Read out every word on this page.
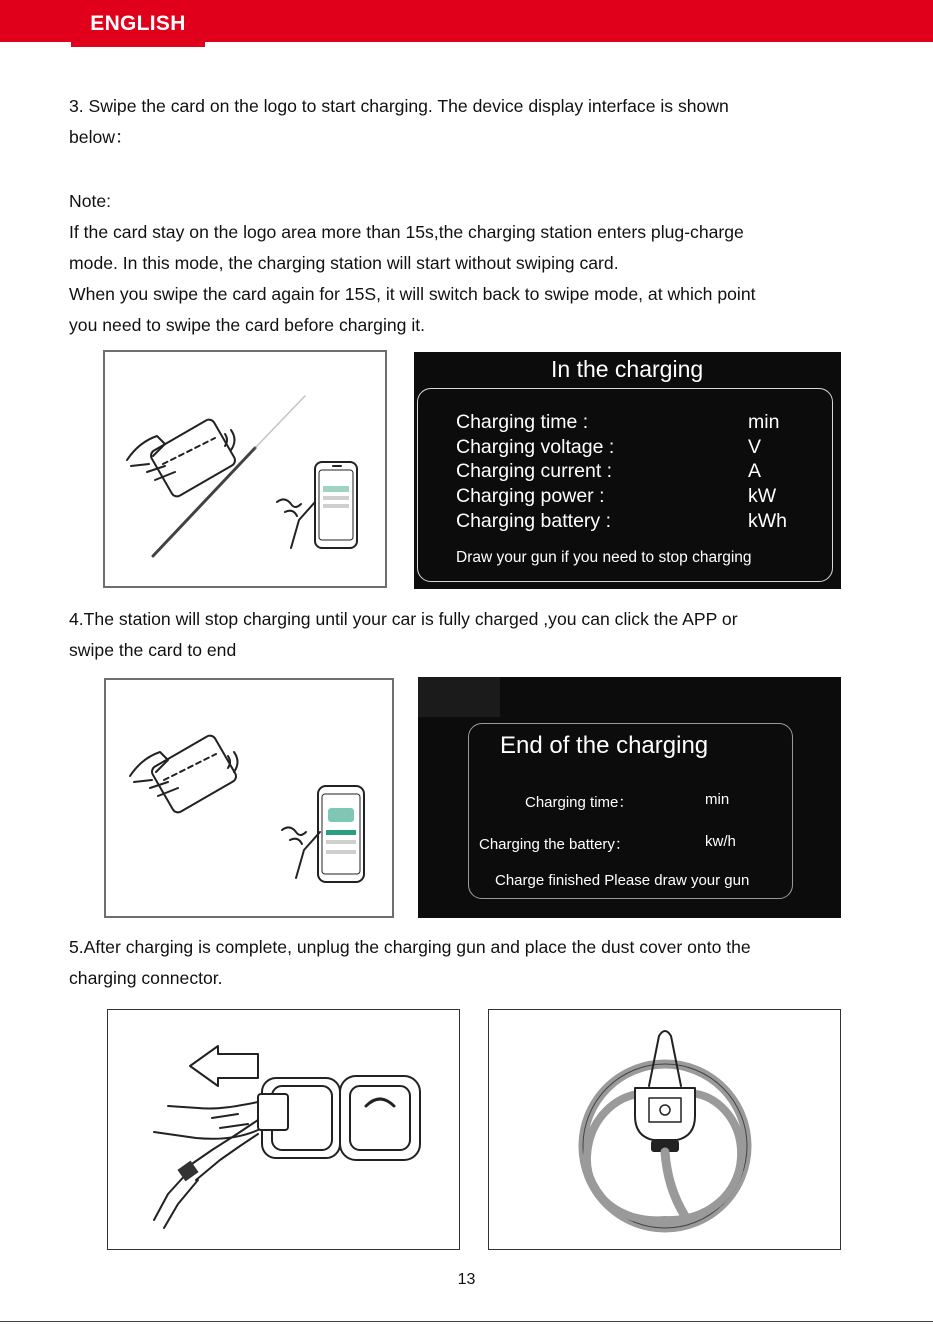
ENGLISH
3. Swipe the card on the logo to start charging. The device display interface is shown
below：
Note:
If the card stay on the logo area more than 15s,the charging station enters plug-charge
mode. In this mode, the charging station will start without swiping card.
When you swipe the card again for 15S, it will switch back to swipe mode, at which point
you need to swipe the card before charging it.
In the charging
Charging time :	min
Charging voltage :	V
Charging current :	A
Charging power :	kW
Charging battery :	kWh
Draw your gun if you need to stop charging
4.The station will stop charging until your car is fully charged ,you can click the APP or
swipe the card to end
End of the charging
Charging time：	min
Charging the battery：	kw/h
Charge finished Please draw your gun
5.After charging is complete, unplug the charging gun and place the dust cover onto the
charging connector.
13
